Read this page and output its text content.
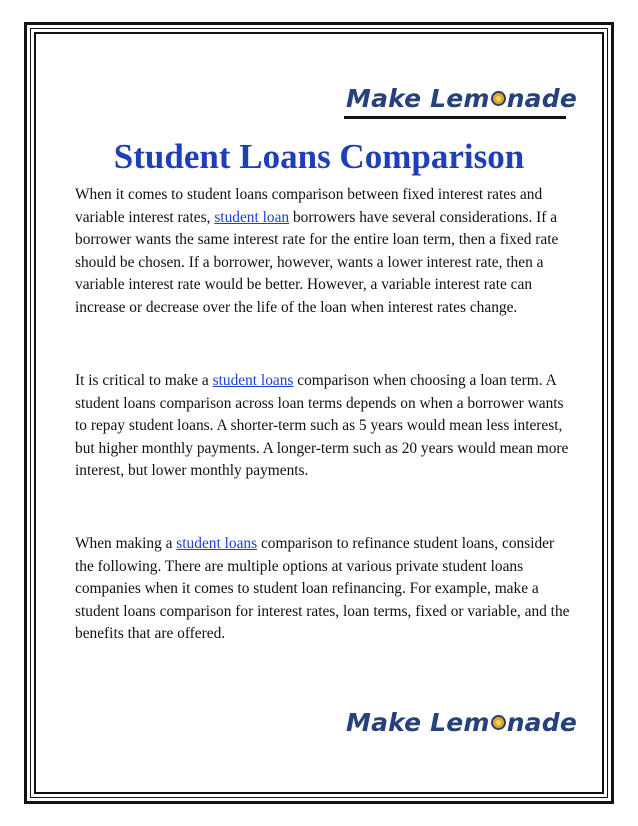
Make Lem nade
Student Loans Comparison

When it comes to student loans comparison between fixed interest rates and variable interest rates, student loan borrowers have several considerations. If a borrower wants the same interest rate for the entire loan term, then a fixed rate should be chosen. If a borrower, however, wants a lower interest rate, then a variable interest rate would be better. However, a variable interest rate can increase or decrease over the life of the loan when interest rates change.

It is critical to make a student loans comparison when choosing a loan term. A student loans comparison across loan terms depends on when a borrower wants to repay student loans. A shorter-term such as 5 years would mean less interest, but higher monthly payments. A longer-term such as 20 years would mean more interest, but lower monthly payments.

When making a student loans comparison to refinance student loans, consider the following. There are multiple options at various private student loans companies when it comes to student loan refinancing. For example, make a student loans comparison for interest rates, loan terms, fixed or variable, and the benefits that are offered.

Make Lem nade
